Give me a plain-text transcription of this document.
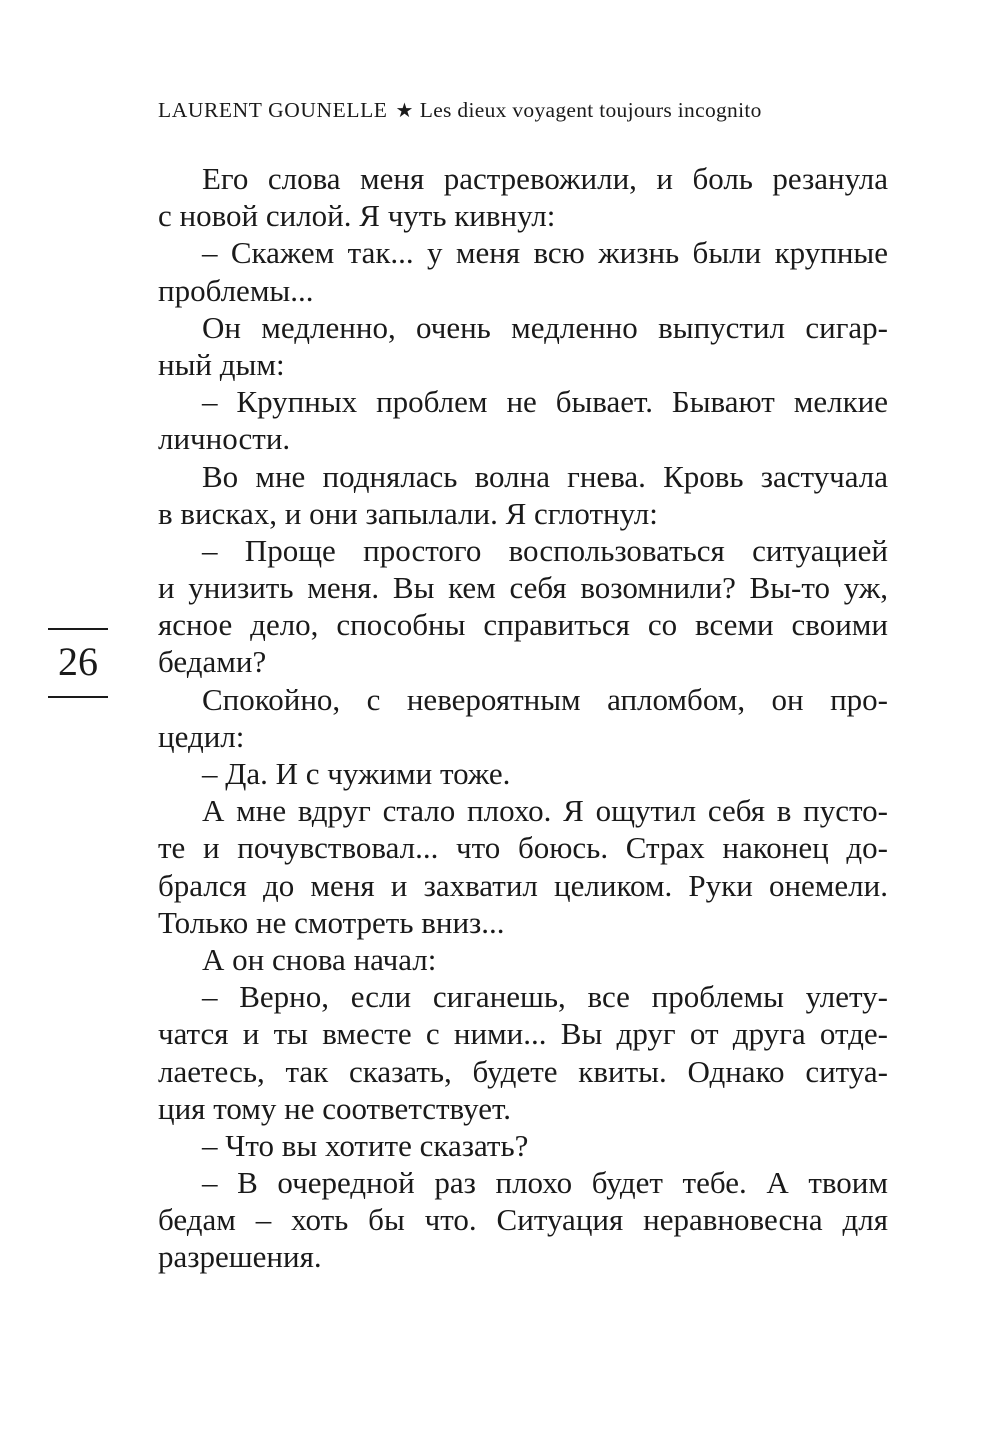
LAURENT GOUNELLE ★ Les dieux voyagent toujours incognito
26
Его слова меня растревожили, и боль резанула
с новой силой. Я чуть кивнул:
– Скажем так... у меня всю жизнь были крупные
проблемы...
Он медленно, очень медленно выпустил сигар-
ный дым:
– Крупных проблем не бывает. Бывают мелкие
личности.
Во мне поднялась волна гнева. Кровь застучала
в висках, и они запылали. Я сглотнул:
– Проще простого воспользоваться ситуацией
и унизить меня. Вы кем себя возомнили? Вы-то уж,
ясное дело, способны справиться со всеми своими
бедами?
Спокойно, с невероятным апломбом, он про-
цедил:
– Да. И с чужими тоже.
А мне вдруг стало плохо. Я ощутил себя в пусто-
те и почувствовал... что боюсь. Страх наконец до-
брался до меня и захватил целиком. Руки онемели.
Только не смотреть вниз...
А он снова начал:
– Верно, если сиганешь, все проблемы улету-
чатся и ты вместе с ними... Вы друг от друга отде-
лаетесь, так сказать, будете квиты. Однако ситуа-
ция тому не соответствует.
– Что вы хотите сказать?
– В очередной раз плохо будет тебе. А твоим
бедам – хоть бы что. Ситуация неравновесна для
разрешения.
